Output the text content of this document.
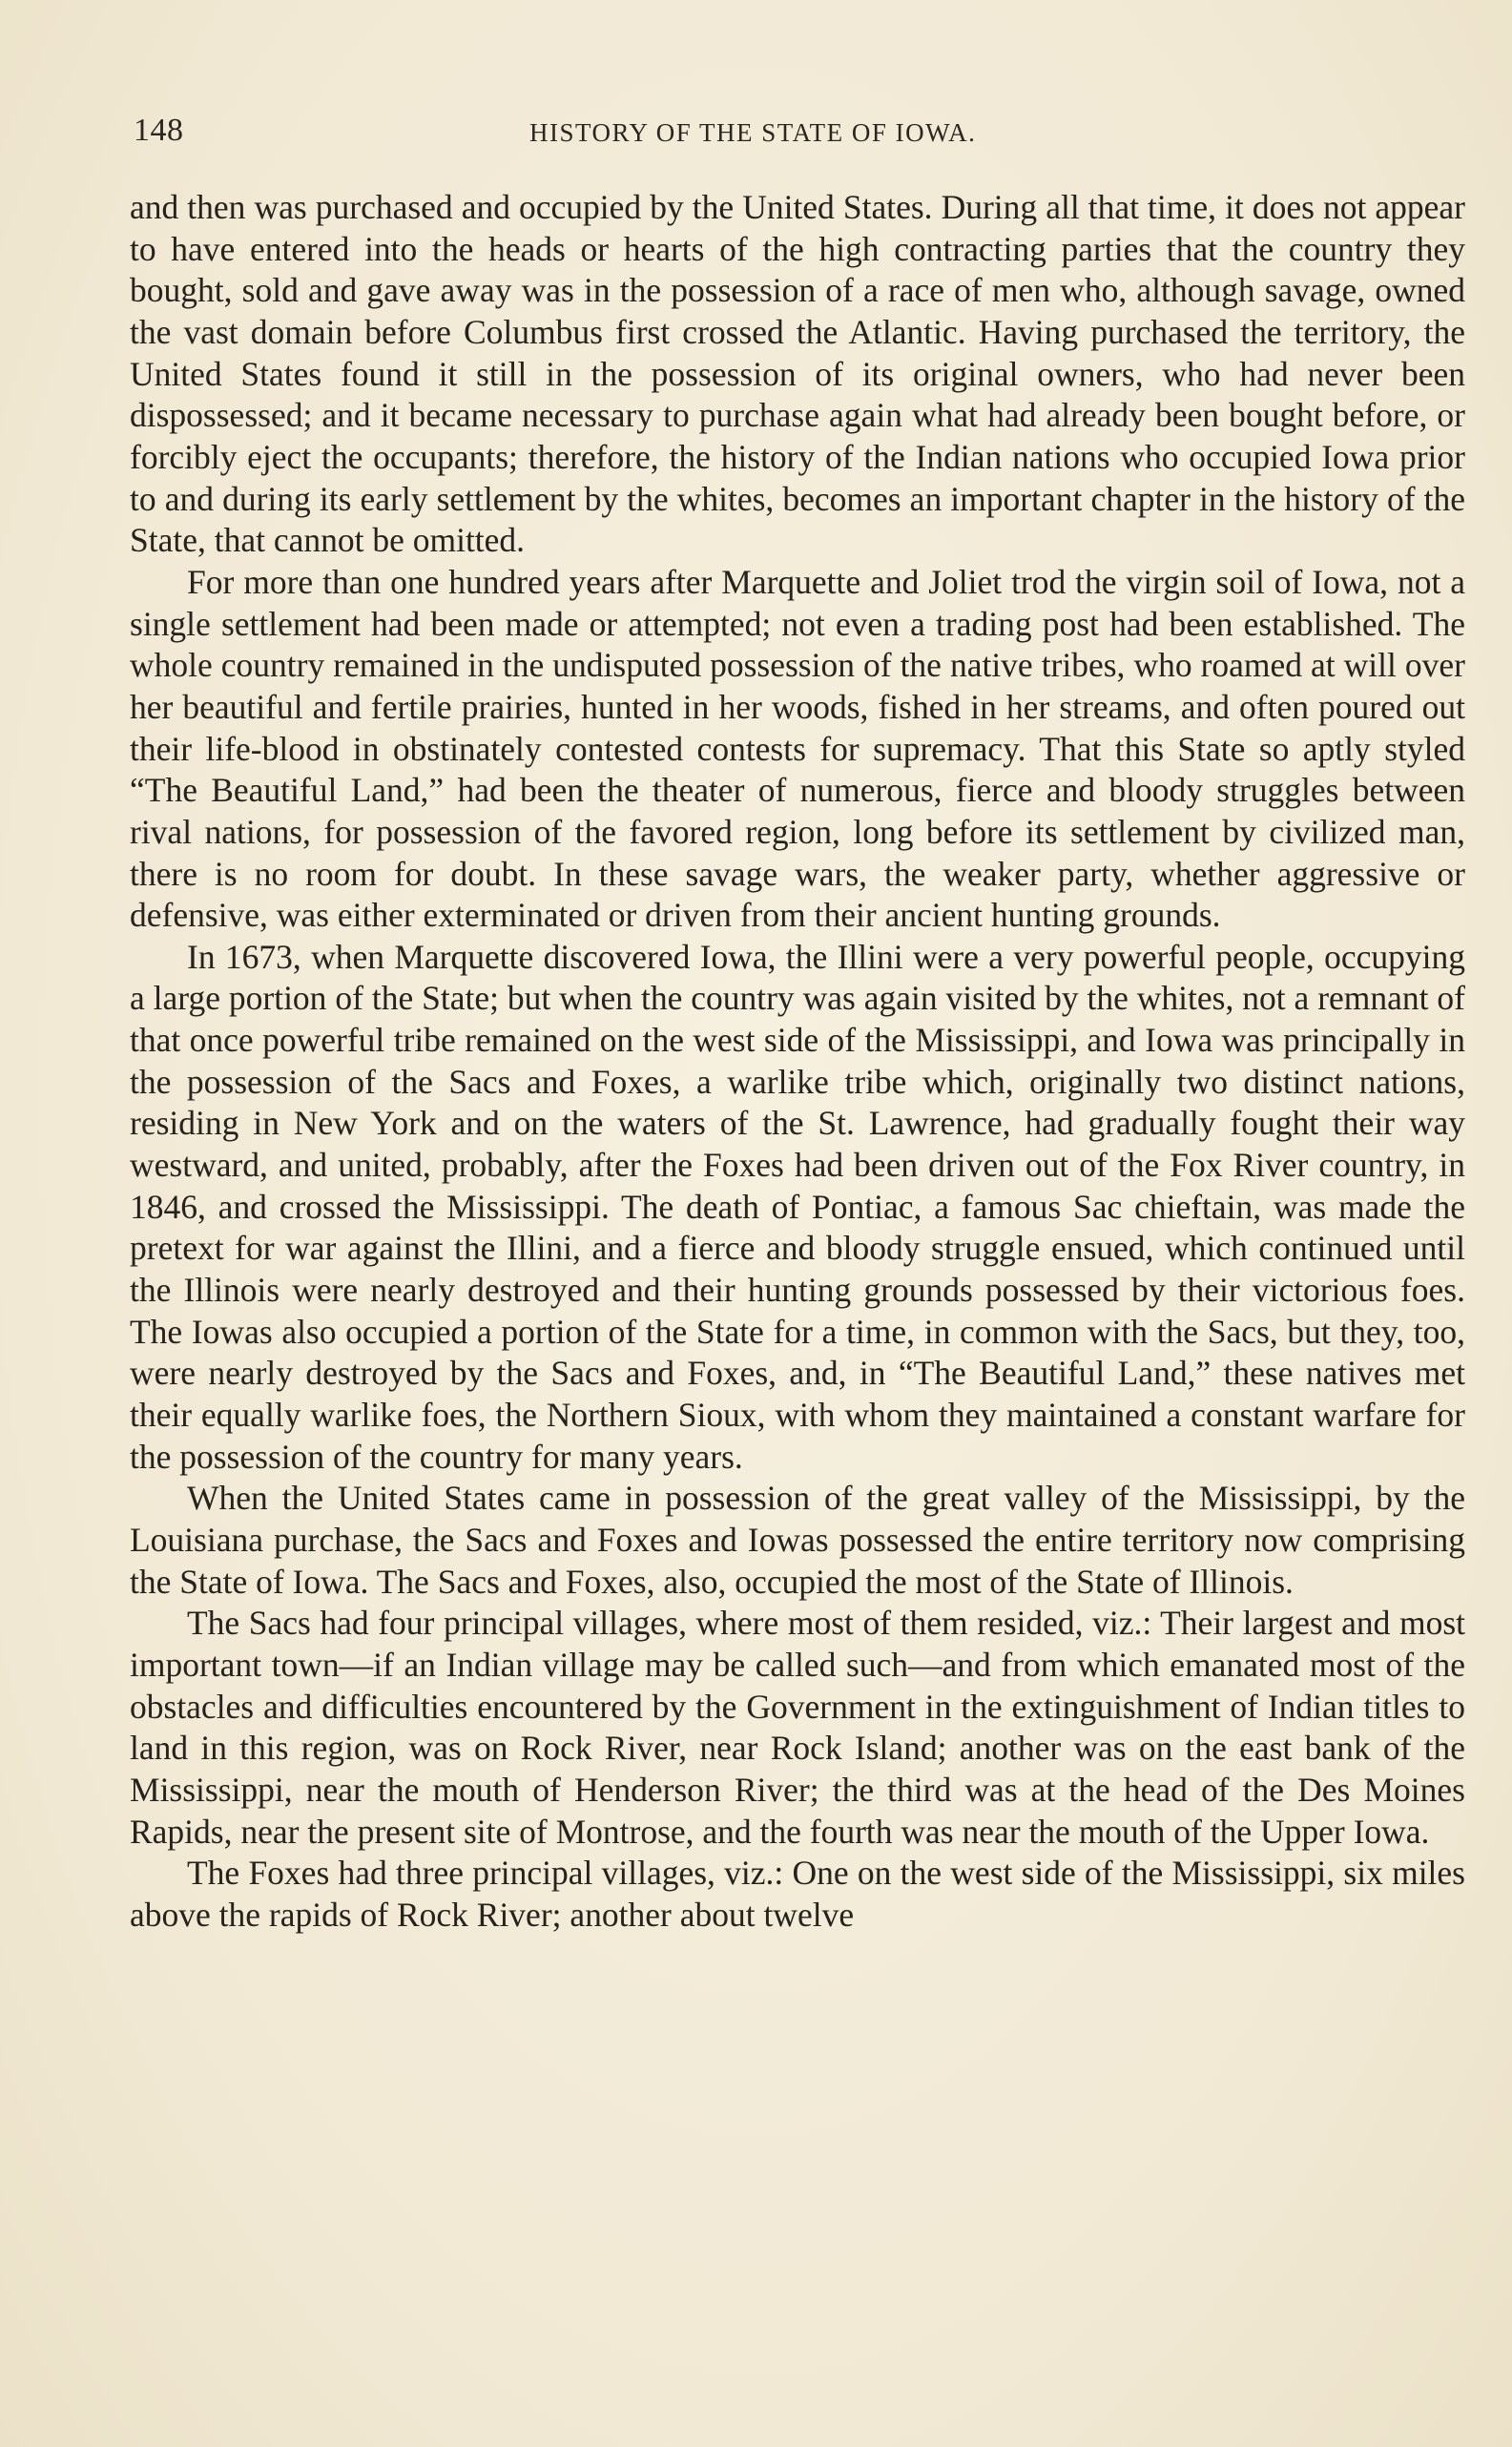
148	HISTORY OF THE STATE OF IOWA.

and then was purchased and occupied by the United States. During all that time, it does not appear to have entered into the heads or hearts of the high contracting parties that the country they bought, sold and gave away was in the possession of a race of men who, although savage, owned the vast domain before Columbus first crossed the Atlantic. Having purchased the territory, the United States found it still in the possession of its original owners, who had never been dispossessed; and it became necessary to purchase again what had already been bought before, or forcibly eject the occupants; therefore, the history of the Indian nations who occupied Iowa prior to and during its early settlement by the whites, becomes an important chapter in the history of the State, that cannot be omitted.

For more than one hundred years after Marquette and Joliet trod the virgin soil of Iowa, not a single settlement had been made or attempted; not even a trading post had been established. The whole country remained in the undisputed possession of the native tribes, who roamed at will over her beautiful and fertile prairies, hunted in her woods, fished in her streams, and often poured out their life-blood in obstinately contested contests for supremacy. That this State so aptly styled “The Beautiful Land,” had been the theater of numerous, fierce and bloody struggles between rival nations, for possession of the favored region, long before its settlement by civilized man, there is no room for doubt. In these savage wars, the weaker party, whether aggressive or defensive, was either exterminated or driven from their ancient hunting grounds.

In 1673, when Marquette discovered Iowa, the Illini were a very powerful people, occupying a large portion of the State; but when the country was again visited by the whites, not a remnant of that once powerful tribe remained on the west side of the Mississippi, and Iowa was principally in the possession of the Sacs and Foxes, a warlike tribe which, originally two distinct nations, residing in New York and on the waters of the St. Lawrence, had gradually fought their way westward, and united, probably, after the Foxes had been driven out of the Fox River country, in 1846, and crossed the Mississippi. The death of Pontiac, a famous Sac chieftain, was made the pretext for war against the Illini, and a fierce and bloody struggle ensued, which continued until the Illinois were nearly destroyed and their hunting grounds possessed by their victorious foes. The Iowas also occupied a portion of the State for a time, in common with the Sacs, but they, too, were nearly destroyed by the Sacs and Foxes, and, in “The Beautiful Land,” these natives met their equally warlike foes, the Northern Sioux, with whom they maintained a constant warfare for the possession of the country for many years.

When the United States came in possession of the great valley of the Mississippi, by the Louisiana purchase, the Sacs and Foxes and Iowas possessed the entire territory now comprising the State of Iowa. The Sacs and Foxes, also, occupied the most of the State of Illinois.

The Sacs had four principal villages, where most of them resided, viz.: Their largest and most important town—if an Indian village may be called such—and from which emanated most of the obstacles and difficulties encountered by the Government in the extinguishment of Indian titles to land in this region, was on Rock River, near Rock Island; another was on the east bank of the Mississippi, near the mouth of Henderson River; the third was at the head of the Des Moines Rapids, near the present site of Montrose, and the fourth was near the mouth of the Upper Iowa.

The Foxes had three principal villages, viz.: One on the west side of the Mississippi, six miles above the rapids of Rock River; another about twelve
